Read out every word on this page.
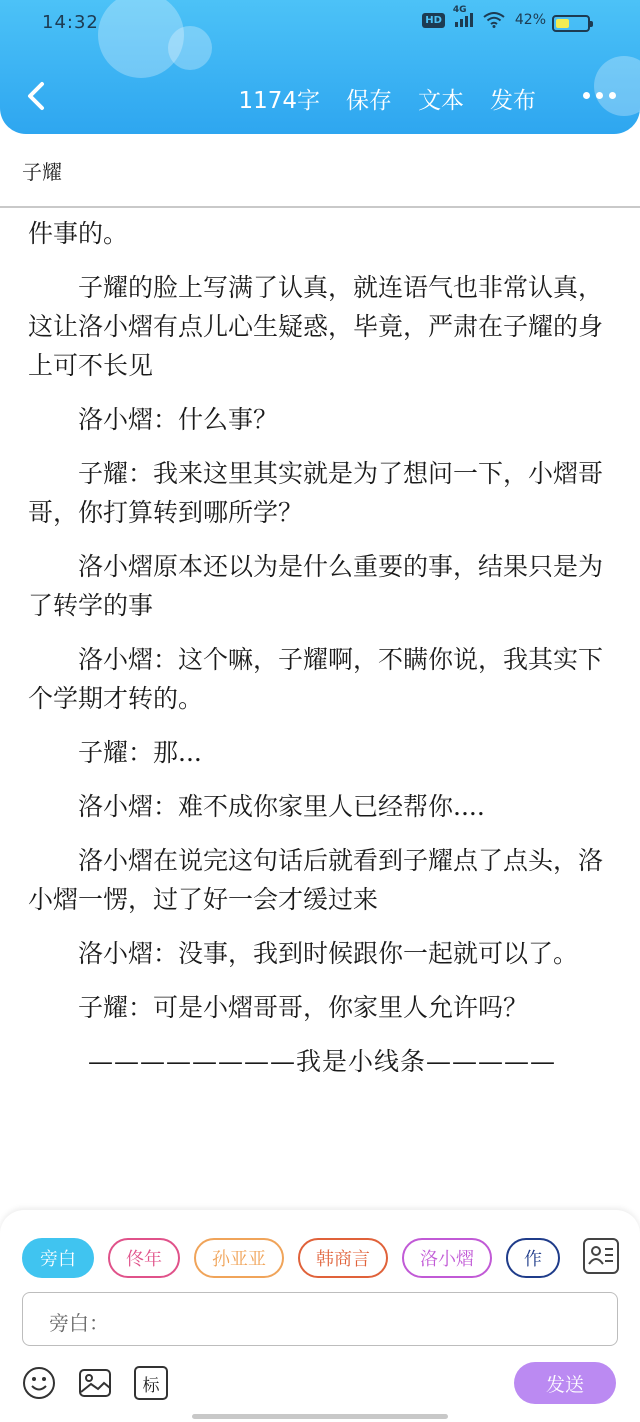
14:32	HD
4G
42%
1174字 保存 文本 发布
子耀

件事的。

子耀的脸上写满了认真，就连语气也非常认真，这让洛小熠有点儿心生疑惑，毕竟，严肃在子耀的身上可不长见

洛小熠：什么事？

子耀：我来这里其实就是为了想问一下，小熠哥哥，你打算转到哪所学？

洛小熠原本还以为是什么重要的事，结果只是为了转学的事

洛小熠：这个嘛，子耀啊，不瞒你说，我其实下个学期才转的。

子耀：那...

洛小熠：难不成你家里人已经帮你....

洛小熠在说完这句话后就看到子耀点了点头，洛小熠一愣，过了好一会才缓过来

洛小熠：没事，我到时候跟你一起就可以了。

子耀：可是小熠哥哥，你家里人允许吗？

————————我是小线条—————

旁白	佟年	孙亚亚	韩商言	洛小熠	作
旁白：
标	发送
